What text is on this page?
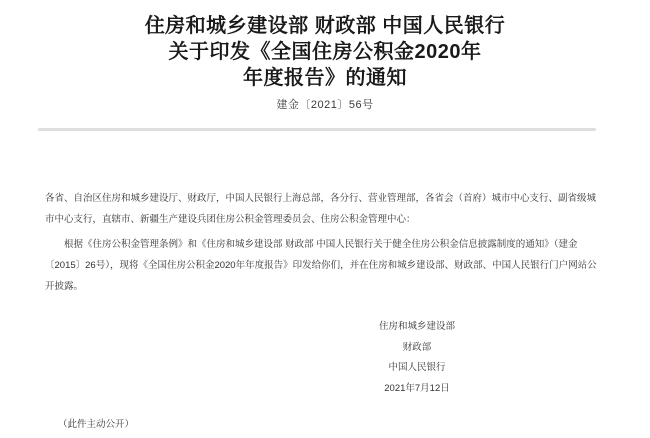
住房和城乡建设部 财政部 中国人民银行
关于印发《全国住房公积金2020年
年度报告》的通知
建金〔2021〕56号

各省、自治区住房和城乡建设厅、财政厅，中国人民银行上海总部，各分行、营业管理部，各省会（首府）城市中心支行、副省级城市中心支行，直辖市、新疆生产建设兵团住房公积金管理委员会、住房公积金管理中心：

根据《住房公积金管理条例》和《住房和城乡建设部 财政部 中国人民银行关于健全住房公积金信息披露制度的通知》（建金〔2015〕26号），现将《全国住房公积金2020年年度报告》印发给你们，并在住房和城乡建设部、财政部、中国人民银行门户网站公开披露。

住房和城乡建设部
财政部
中国人民银行
2021年7月12日
（此件主动公开）
